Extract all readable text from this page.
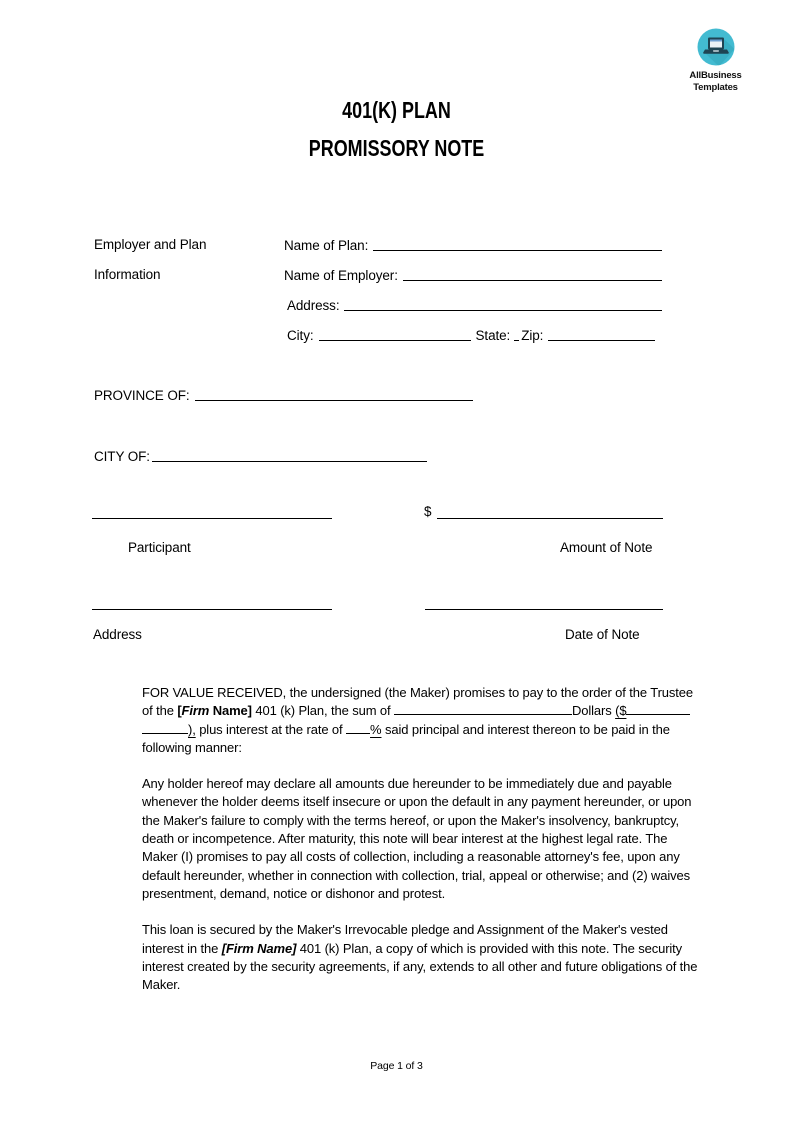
AllBusiness
Templates
401(K) PLAN
PROMISSORY NOTE
Employer and Plan
Information
Name of Plan:
Name of Employer:
Address:
City:	State: Zip:
PROVINCE OF:
CITY OF:
$
Participant	Amount of Note
Address	Date of Note

FOR VALUE RECEIVED, the undersigned (the Maker) promises to pay to the order of the Trustee of the [Firm Name] 401 (k) Plan, the sum of	Dollars ($), plus interest at the rate of % said principal and interest thereon to be paid in the following manner:

Any holder hereof may declare all amounts due hereunder to be immediately due and payable whenever the holder deems itself insecure or upon the default in any payment hereunder, or upon the Maker's failure to comply with the terms hereof, or upon the Maker's insolvency, bankruptcy, death or incompetence. After maturity, this note will bear interest at the highest legal rate. The Maker (I) promises to pay all costs of collection, including a reasonable attorney's fee, upon any default hereunder, whether in connection with collection, trial, appeal or otherwise; and (2) waives presentment, demand, notice or dishonor and protest.

This loan is secured by the Maker's Irrevocable pledge and Assignment of the Maker's vested interest in the [Firm Name] 401 (k) Plan, a copy of which is provided with this note. The security interest created by the security agreements, if any, extends to all other and future obligations of the Maker.

Page 1 of 3
